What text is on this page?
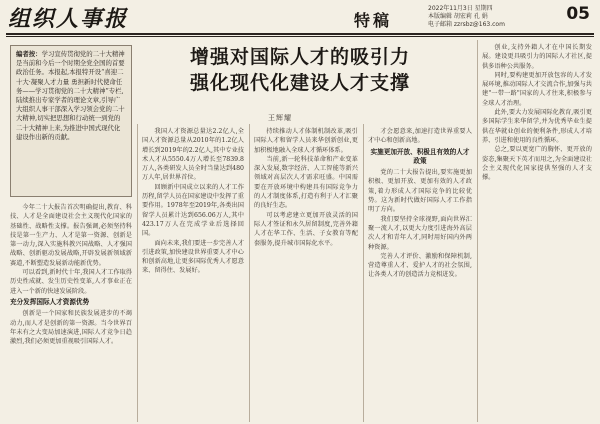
组织人事报	特稿
2022年11月3日 星期四
本版编辑 胡宏莉 孔 娟
电子邮箱 zzrsbz@163.com
05
编者按：学习宣传贯彻党的二十大精神是当前和今后一个时期全党全国的首要政治任务。本报起,本报特开设“喜迎二十大·凝聚人才力量 勇担新时代使命任务——学习贯彻党的二十大精神”专栏,陆续推出专家学者的理论文章,引导广大组织人事干部深入学习领会党的二十大精神,切实把思想和行动统一到党的二十大精神上来,为推进中国式现代化建设作出新的贡献。
增强对国际人才的吸引力
强化现代化建设人才支撑
王辉耀

今年二十大报告首次明确提出,教育、科技、人才是全面建设社会主义现代化国家的基础性、战略性支撑。报告强调,必须坚持科技是第一生产力、人才是第一资源、创新是第一动力,深入实施科教兴国战略、人才强国战略、创新驱动发展战略,开辟发展新领域新赛道,不断塑造发展新动能新优势。

可以看到,新时代十年,我国人才工作取得历史性成就、发生历史性变革,人才事业正在进入一个新的快速发展阶段。

充分发挥国际人才资源优势

创新是一个国家和民族发展进步的不竭动力,而人才是创新的第一资源。当今世界百年未有之大变局加速演进,国际人才竞争日趋激烈,我们必须更加重视吸引国际人才。

我国人才资源总量达2.2亿人,全国人才资源总量从2010年的1.2亿人增长到2019年的2.2亿人,其中专业技术人才从5550.4万人增长至7839.8万人,各类研发人员全时当量达到480万人年,居世界首位。

回顾新中国成立以来的人才工作历程,留学人员在国家建设中发挥了重要作用。1978年至2019年,各类出国留学人员累计达到656.06万人,其中423.17万人在完成学业后选择回国。

面向未来,我们要进一步完善人才引进政策,加快建设世界重要人才中心和创新高地,让更多国际优秀人才愿意来、留得住、发展好。

持续推动人才体制机制改革,吸引国际人才和留学人员来华创新创业,更加积极地融入全球人才循环体系。

当前,新一轮科技革命和产业变革深入发展,数字经济、人工智能等新兴领域对高层次人才需求旺盛。中国需要在开放环境中构建具有国际竞争力的人才制度体系,打造有利于人才汇聚的良好生态。

可以考虑建立更加开放灵活的国际人才签证和永久居留制度,完善外籍人才在华工作、生活、子女教育等配套服务,提升城市国际化水平。

才会愿意来,加速打造世界重要人才中心和创新高地。

实施更加开放、积极且有效的人才政策

党的二十大报告提出,要实施更加积极、更加开放、更加有效的人才政策,着力形成人才国际竞争的比较优势。这为新时代做好国际人才工作指明了方向。

我们要坚持全球视野,面向世界汇聚一流人才,以更大力度引进海外高层次人才和青年人才,同时用好国内外两种资源。

完善人才评价、激励和保障机制,营造尊重人才、爱护人才的社会氛围,让各类人才的创造活力竞相迸发。

创业,支持外籍人才在中国长期发展。建设更具吸引力的国际人才社区,提供多语种公共服务。

同时,要构建更加开放包容的人才发展环境,推动国际人才交流合作,加强与共建"一带一路"国家的人才往来,积极参与全球人才治理。

此外,要大力发展国际化教育,吸引更多国际学生来华留学,并为优秀毕业生提供在华就业创业的便利条件,形成人才培养、引进和使用的良性循环。

总之,要以更宽广的胸怀、更开放的姿态,集聚天下英才而用之,为全面建设社会主义现代化国家提供坚强的人才支撑。
